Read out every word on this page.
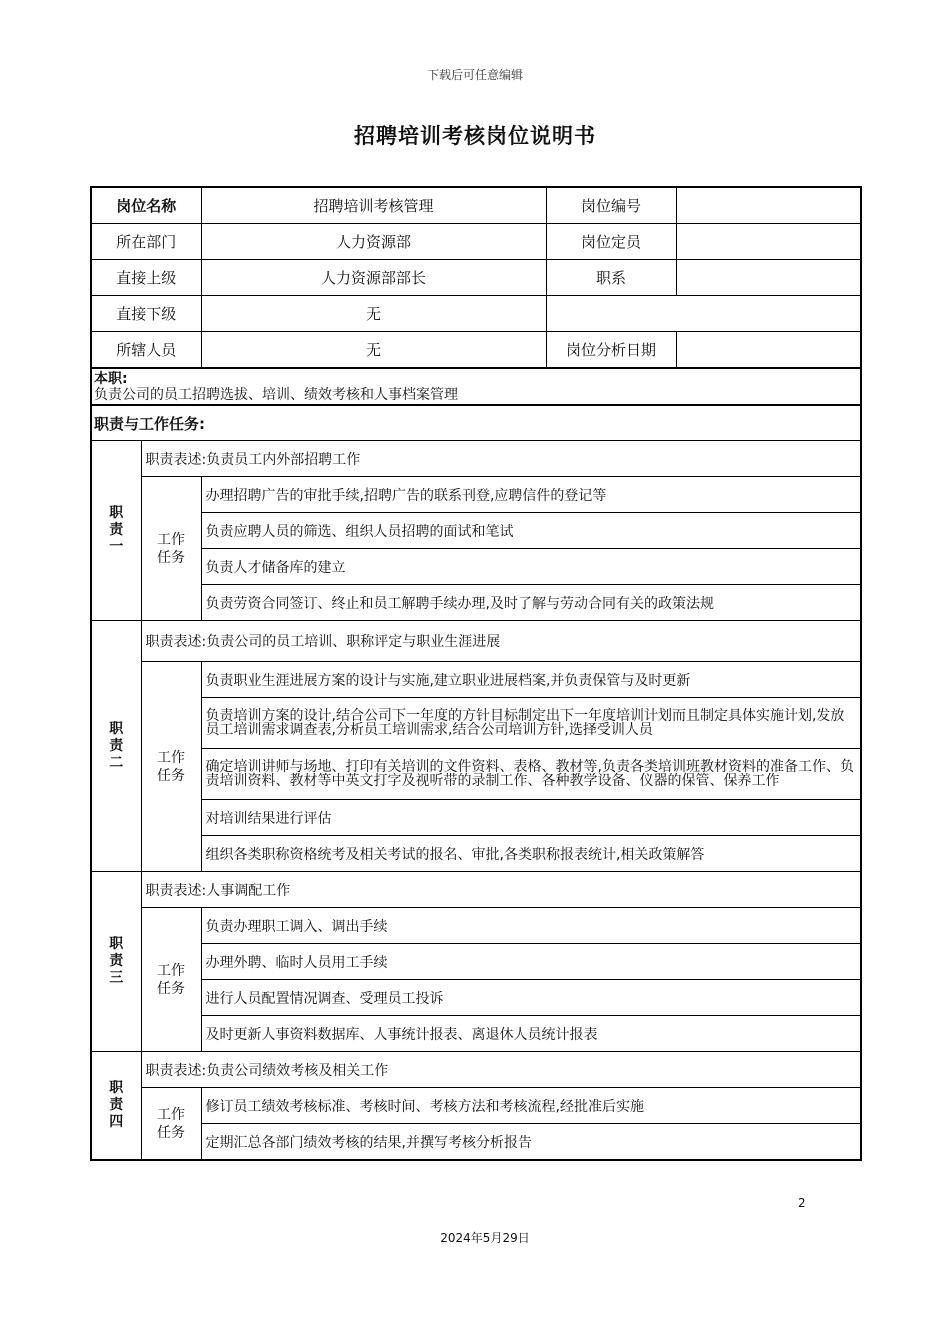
下载后可任意编辑
招聘培训考核岗位说明书
岗位名称		招聘培训考核管理	岗位编号	
所在部门		人力资源部	岗位定员	
直接上级		人力资源部部长	职系	
直接下级		无		
所辖人员		无	岗位分析日期	

本职:
负责公司的员工招聘选拔、培训、绩效考核和人事档案管理				

职责与工作任务:				

职
责
一	职责表述:负责员工内外部招聘工作			

	工作
任务	办理招聘广告的审批手续,招聘广告的联系刊登,应聘信件的登记等		
		负责应聘人员的筛选、组织人员招聘的面试和笔试		
		负责人才储备库的建立		
		负责劳资合同签订、终止和员工解聘手续办理,及时了解与劳动合同有关的政策法规		

职
责
二	职责表述:负责公司的员工培训、职称评定与职业生涯进展			

	工作
任务	负责职业生涯进展方案的设计与实施,建立职业进展档案,并负责保管与及时更新		
		负责培训方案的设计,结合公司下一年度的方针目标制定出下一年度培训计划而且制定具体实施计划,发放员工培训需求调查表,分析员工培训需求,结合公司培训方针,选择受训人员		
		确定培训讲师与场地、打印有关培训的文件资料、表格、教材等,负责各类培训班教材资料的准备工作、负责培训资料、教材等中英文打字及视听带的录制工作、各种教学设备、仪器的保管、保养工作		
		对培训结果进行评估		
		组织各类职称资格统考及相关考试的报名、审批,各类职称报表统计,相关政策解答		

职
责
三	职责表述:人事调配工作			

	工作
任务	负责办理职工调入、调出手续		
		办理外聘、临时人员用工手续		
		进行人员配置情况调查、受理员工投诉		
		及时更新人事资料数据库、人事统计报表、离退休人员统计报表		

职
责
四	职责表述:负责公司绩效考核及相关工作			

	工作
任务	修订员工绩效考核标准、考核时间、考核方法和考核流程,经批准后实施		
		定期汇总各部门绩效考核的结果,并撰写考核分析报告		
2
2024年5月29日
